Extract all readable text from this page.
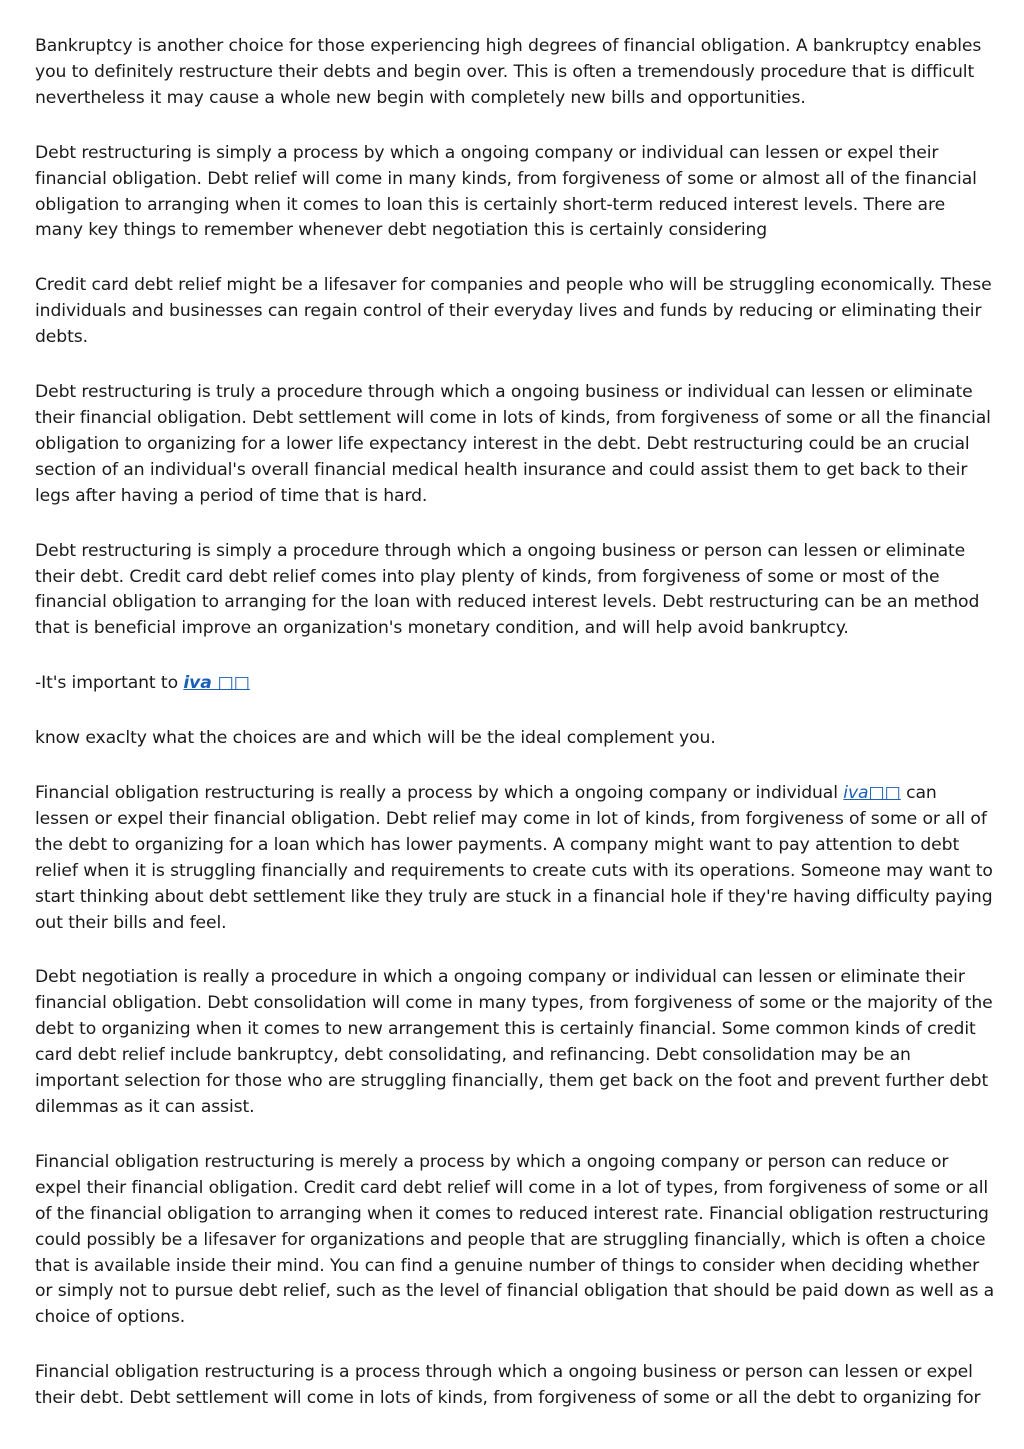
Bankruptcy is another choice for those experiencing high degrees of financial obligation. A bankruptcy enables you to definitely restructure their debts and begin over. This is often a tremendously procedure that is difficult nevertheless it may cause a whole new begin with completely new bills and opportunities.

Debt restructuring is simply a process by which a ongoing company or individual can lessen or expel their financial obligation. Debt relief will come in many kinds, from forgiveness of some or almost all of the financial obligation to arranging when it comes to loan this is certainly short-term reduced interest levels. There are many key things to remember whenever debt negotiation this is certainly considering

Credit card debt relief might be a lifesaver for companies and people who will be struggling economically. These individuals and businesses can regain control of their everyday lives and funds by reducing or eliminating their debts.

Debt restructuring is truly a procedure through which a ongoing business or individual can lessen or eliminate their financial obligation. Debt settlement will come in lots of kinds, from forgiveness of some or all the financial obligation to organizing for a lower life expectancy interest in the debt. Debt restructuring could be an crucial section of an individual's overall financial medical health insurance and could assist them to get back to their legs after having a period of time that is hard.

Debt restructuring is simply a procedure through which a ongoing business or person can lessen or eliminate their debt. Credit card debt relief comes into play plenty of kinds, from forgiveness of some or most of the financial obligation to arranging for the loan with reduced interest levels. Debt restructuring can be an method that is beneficial improve an organization's monetary condition, and will help avoid bankruptcy.

-It's important to iva □□

know exaclty what the choices are and which will be the ideal complement you.

Financial obligation restructuring is really a process by which a ongoing company or individual iva□□ can lessen or expel their financial obligation. Debt relief may come in lot of kinds, from forgiveness of some or all of the debt to organizing for a loan which has lower payments. A company might want to pay attention to debt relief when it is struggling financially and requirements to create cuts with its operations. Someone may want to start thinking about debt settlement like they truly are stuck in a financial hole if they're having difficulty paying out their bills and feel.

Debt negotiation is really a procedure in which a ongoing company or individual can lessen or eliminate their financial obligation. Debt consolidation will come in many types, from forgiveness of some or the majority of the debt to organizing when it comes to new arrangement this is certainly financial. Some common kinds of credit card debt relief include bankruptcy, debt consolidating, and refinancing. Debt consolidation may be an important selection for those who are struggling financially, them get back on the foot and prevent further debt dilemmas as it can assist.

Financial obligation restructuring is merely a process by which a ongoing company or person can reduce or expel their financial obligation. Credit card debt relief will come in a lot of types, from forgiveness of some or all of the financial obligation to arranging when it comes to reduced interest rate. Financial obligation restructuring could possibly be a lifesaver for organizations and people that are struggling financially, which is often a choice that is available inside their mind. You can find a genuine number of things to consider when deciding whether or simply not to pursue debt relief, such as the level of financial obligation that should be paid down as well as a choice of options.

Financial obligation restructuring is a process through which a ongoing business or person can lessen or expel their debt. Debt settlement will come in lots of kinds, from forgiveness of some or all the debt to organizing for
